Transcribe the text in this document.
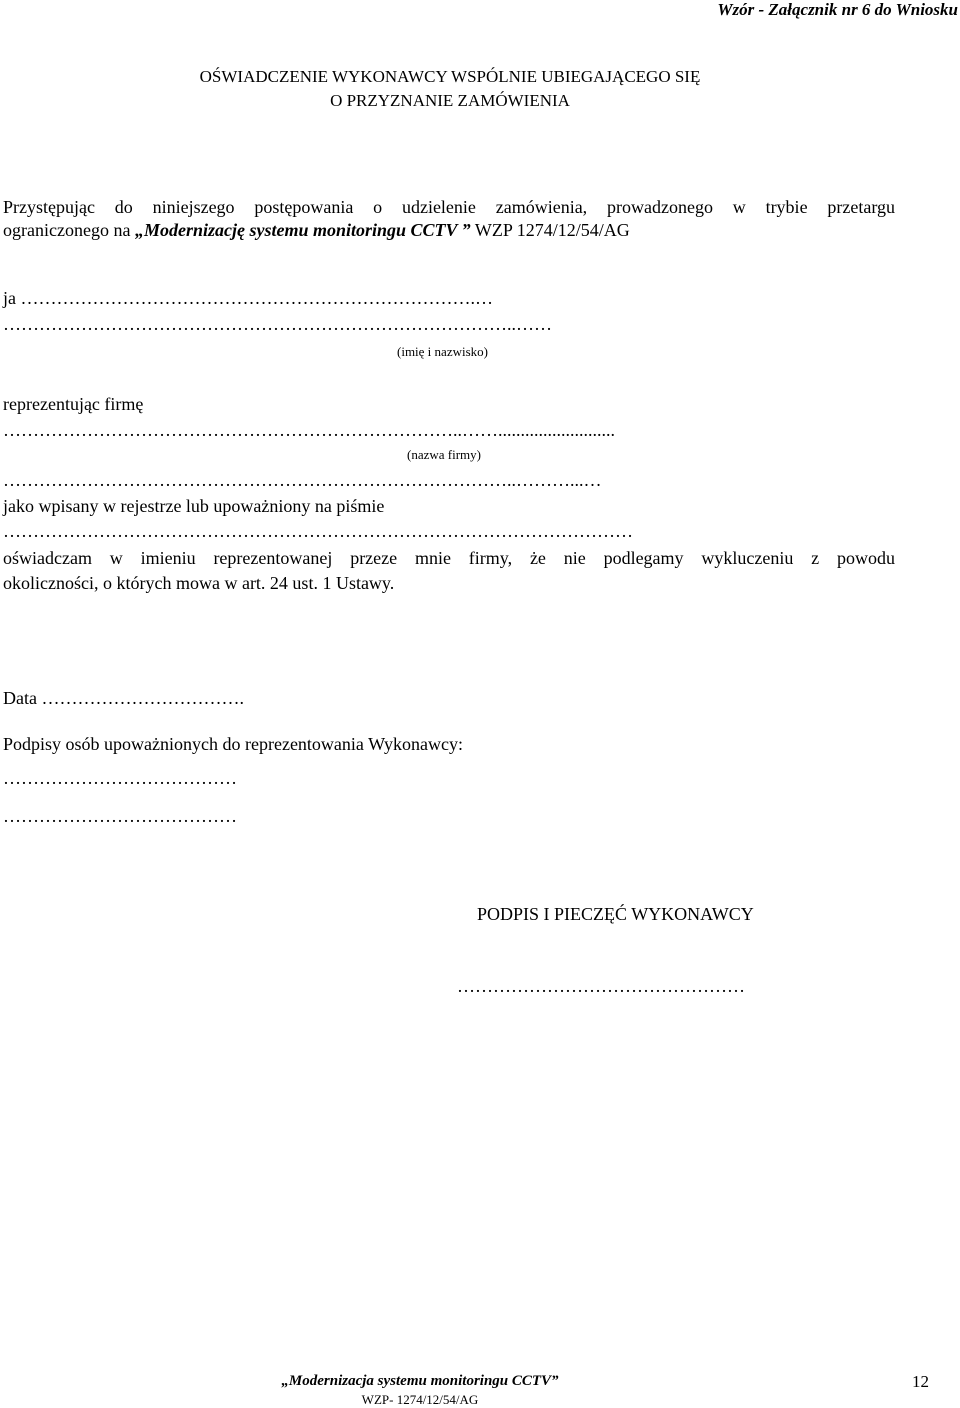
Wzór - Załącznik nr 6 do Wniosku
OŚWIADCZENIE WYKONAWCY WSPÓLNIE UBIEGAJĄCEGO SIĘ
O PRZYZNANIE ZAMÓWIENIA
Przystępując do niniejszego postępowania o udzielenie zamówienia, prowadzonego w trybie przetargu
ograniczonego na „Modernizację systemu monitoringu CCTV ” WZP 1274/12/54/AG
ja ………………………………………………………………….…
…………………………………………………………………………..……
(imię i nazwisko)
reprezentując firmę
…………………………………………………………………..……..........................
(nazwa firmy)
…………………………………………………………………………..………...…
jako wpisany w rejestrze lub upoważniony na piśmie
……………………………………………………………………………………………
oświadczam w imieniu reprezentowanej przeze mnie firmy, że nie podlegamy wykluczeniu z powodu
okoliczności, o których mowa w art. 24 ust. 1 Ustawy.
Data …………………………….
Podpisy osób upoważnionych do reprezentowania Wykonawcy:
…………………………………
…………………………………
PODPIS I PIECZĘĆ WYKONAWCY
…………………………………………
„Modernizacja systemu monitoringu CCTV”
WZP- 1274/12/54/AG
12
